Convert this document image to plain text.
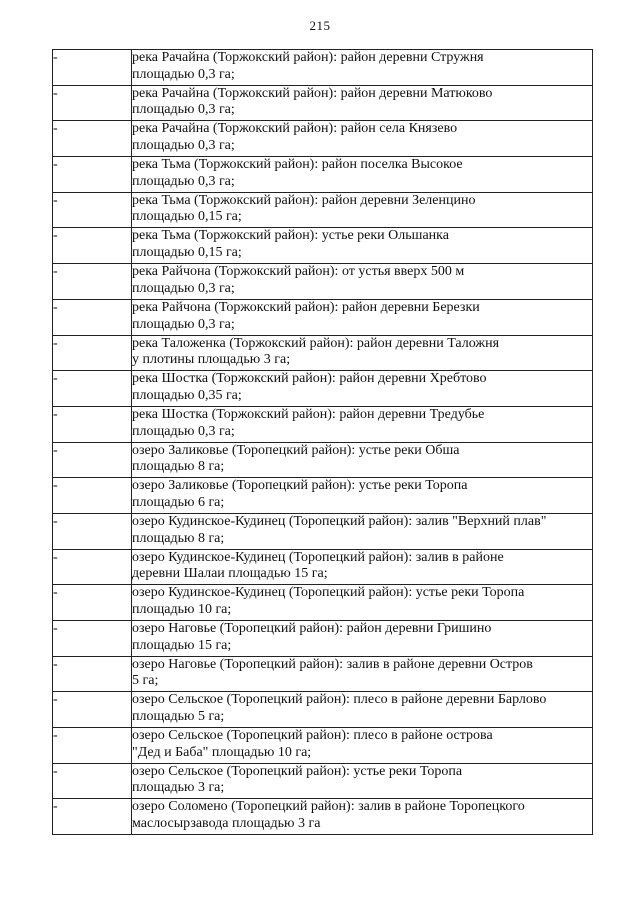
215
-	река Рачайна (Торжокский район): район деревни Стружня
площадью 0,3 га;

-	река Рачайна (Торжокский район): район деревни Матюково
площадью 0,3 га;

-	река Рачайна (Торжокский район): район села Князево
площадью 0,3 га;

-	река Тьма (Торжокский район): район поселка Высокое
площадью 0,3 га;

-	река Тьма (Торжокский район): район деревни Зеленцино
площадью 0,15 га;

-	река Тьма (Торжокский район): устье реки Ольшанка
площадью 0,15 га;

-	река Райчона (Торжокский район): от устья вверх 500 м
площадью 0,3 га;

-	река Райчона (Торжокский район): район деревни Березки
площадью 0,3 га;

-	река Таложенка (Торжокский район): район деревни Таложня
у плотины площадью 3 га;

-	река Шостка (Торжокский район): район деревни Хребтово
площадью 0,35 га;

-	река Шостка (Торжокский район): район деревни Тредубье
площадью 0,3 га;

-	озеро Заликовье (Торопецкий район): устье реки Обша
площадью 8 га;

-	озеро Заликовье (Торопецкий район): устье реки Торопа
площадью 6 га;

-	озеро Кудинское-Кудинец (Торопецкий район): залив "Верхний плав"
площадью 8 га;

-	озеро Кудинское-Кудинец (Торопецкий район): залив в районе
деревни Шалаи площадью 15 га;

-	озеро Кудинское-Кудинец (Торопецкий район): устье реки Торопа
площадью 10 га;

-	озеро Наговье (Торопецкий район): район деревни Гришино
площадью 15 га;

-	озеро Наговье (Торопецкий район): залив в районе деревни Остров
5 га;

-	озеро Сельское (Торопецкий район): плесо в районе деревни Барлово
площадью 5 га;

-	озеро Сельское (Торопецкий район): плесо в районе острова
"Дед и Баба" площадью 10 га;

-	озеро Сельское (Торопецкий район): устье реки Торопа
площадью 3 га;

-	озеро Соломено (Торопецкий район): залив в районе Торопецкого
маслосырзавода площадью 3 га
